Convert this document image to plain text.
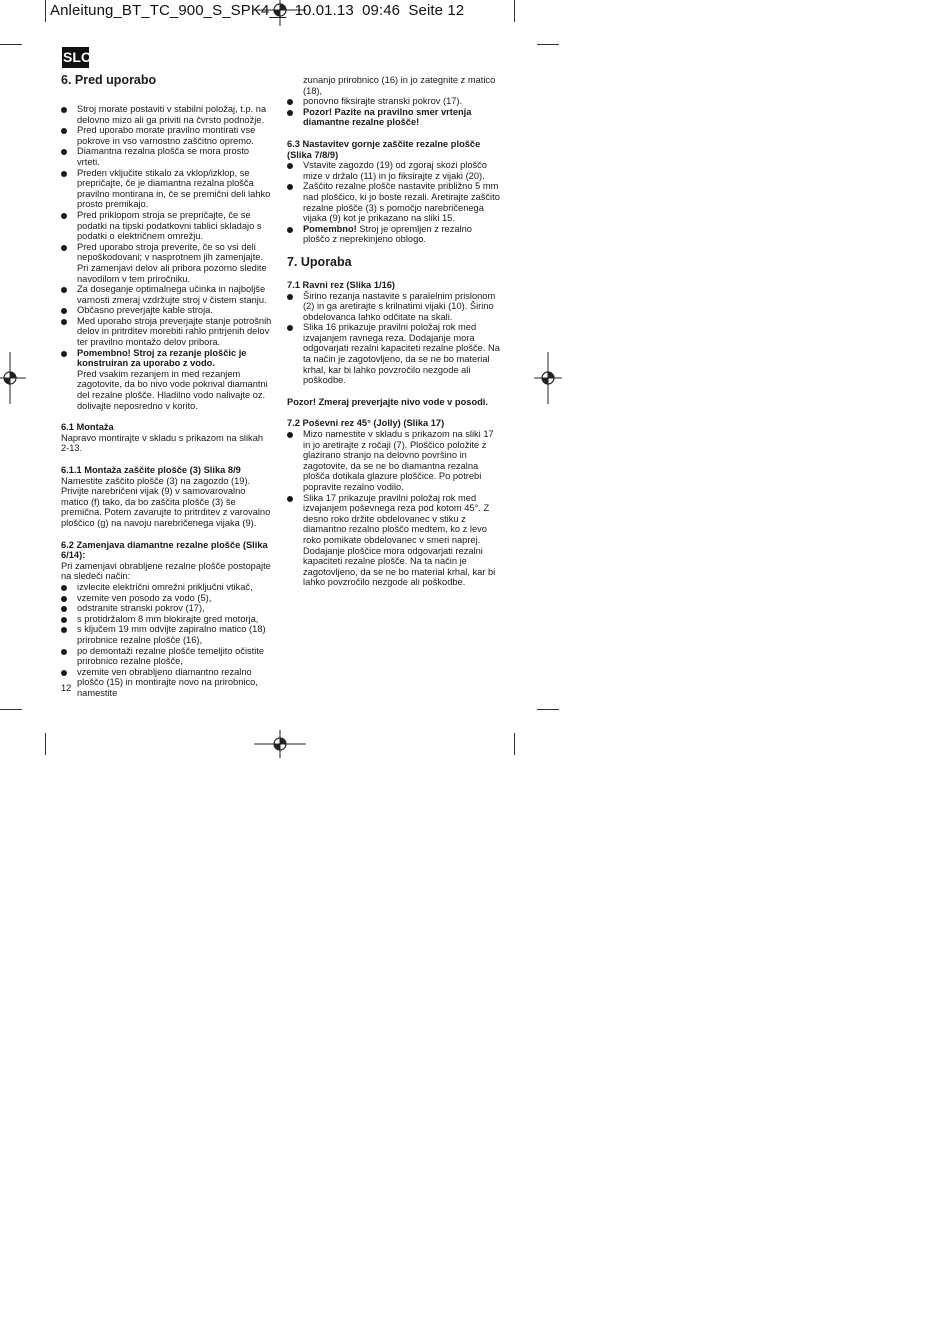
Anleitung_BT_TC_900_S_SPK4__ 10.01.13 09:46 Seite 12
SLO
6. Pred uporabo
Stroj morate postaviti v stabilni položaj, t.p. na delovno mizo ali ga priviti na čvrsto podnožje.
Pred uporabo morate pravilno montirati vse pokrove in vso varnostno zaščitno opremo.
Diamantna rezalna plošča se mora prosto vrteti.
Preden vključite stikalo za vklop/izklop, se prepričajte, če je diamantna rezalna plošča pravilno montirana in, če se premični deli lahko prosto premikajo.
Pred priklopom stroja se prepričajte, če se podatki na tipski podatkovni tablici skladajo s podatki o električnem omrežju.
Pred uporabo stroja preverite, če so vsi deli nepoškodovani; v nasprotnem jih zamenjajte. Pri zamenjavi delov ali pribora pozorno sledite navodilom v tem priročniku.
Za doseganje optimalnega učinka in najboljše varnosti zmeraj vzdržujte stroj v čistem stanju.
Občasno preverjajte kable stroja.
Med uporabo stroja preverjajte stanje potrošnih delov in pritrditev morebiti rahlo pritrjenih delov ter pravilno montažo delov pribora.
Pomembno! Stroj za rezanje ploščic je konstruiran za uporabo z vodo.
Pred vsakim rezanjem in med rezanjem zagotovite, da bo nivo vode pokrival diamantni del rezalne plošče. Hladilno vodo nalivajte oz. dolivajte neposredno v korito.

6.1 Montaža

Napravo montirajte v skladu s prikazom na slikah 2-13.

6.1.1 Montaža zaščite plošče (3) Slika 8/9

Namestite zaščito plošče (3) na zagozdo (19). Privijte narebričeni vijak (9) v samovarovalno matico (f) tako, da bo zaščita plošče (3) še premična. Potem zavarujte to pritrditev z varovalno ploščico (g) na navoju narebričenega vijaka (9).

6.2 Zamenjava diamantne rezalne plošče (Slika 6/14):

Pri zamenjavi obrabljene rezalne plošče postopajte na sledeči način:

izvlecite električni omrežni priključni vtikač,
vzemite ven posodo za vodo (5),
odstranite stranski pokrov (17),
s protidržalom 8 mm blokirajte gred motorja,
s ključem 19 mm odvijte zapiralno matico (18) prirobnice rezalne plošče (16),
po demontaži rezalne plošče temeljito očistite prirobnico rezalne plošče,
vzemite ven obrabljeno diamantno rezalno ploščo (15) in montirajte novo na prirobnico, namestite
12

zunanjo prirobnico (16) in jo zategnite z matico (18),

ponovno fiksirajte stranski pokrov (17).
Pozor! Pazite na pravilno smer vrtenja diamantne rezalne plošče!

6.3 Nastavitev gornje zaščite rezalne plošče (Slika 7/8/9)

Vstavite zagozdo (19) od zgoraj skozi ploščo mize v držalo (11) in jo fiksirajte z vijaki (20).
Zaščito rezalne plošče nastavite približno 5 mm nad ploščico, ki jo boste rezali. Aretirajte zaščito rezalne plošče (3) s pomočjo narebričenega vijaka (9) kot je prikazano na sliki 15.
Pomembno! Stroj je opremljen z rezalno ploščo z neprekinjeno oblogo.
7. Uporaba

7.1 Ravni rez (Slika 1/16)

Širino rezanja nastavite s paralelnim prislonom (2) in ga aretirajte s krilnatimi vijaki (10). Širino obdelovanca lahko odčitate na skali.
Slika 16 prikazuje pravilni položaj rok med izvajanjem ravnega reza. Dodajanje mora odgovarjati rezalni kapaciteti rezalne plošče. Na ta način je zagotovljeno, da se ne bo material krhal, kar bi lahko povzročilo nezgode ali poškodbe.

Pozor! Zmeraj preverjajte nivo vode v posodi.

7.2 Poševni rez 45° (Jolly) (Slika 17)

Mizo namestite v skladu s prikazom na sliki 17 in jo aretirajte z ročaji (7). Ploščico položite z glazirano stranjo na delovno površino in zagotovite, da se ne bo diamantna rezalna plošča dotikala glazure ploščice. Po potrebi popravite rezalno vodilo.
Slika 17 prikazuje pravilni položaj rok med izvajanjem poševnega reza pod kotom 45°. Z desno roko držite obdelovanec v stiku z diamantno rezalno ploščo medtem, ko z levo roko pomikate obdelovanec v smeri naprej. Dodajanje ploščice mora odgovarjati rezalni kapaciteti rezalne plošče. Na ta način je zagotovljeno, da se ne bo material krhal, kar bi lahko povzročilo nezgode ali poškodbe.
